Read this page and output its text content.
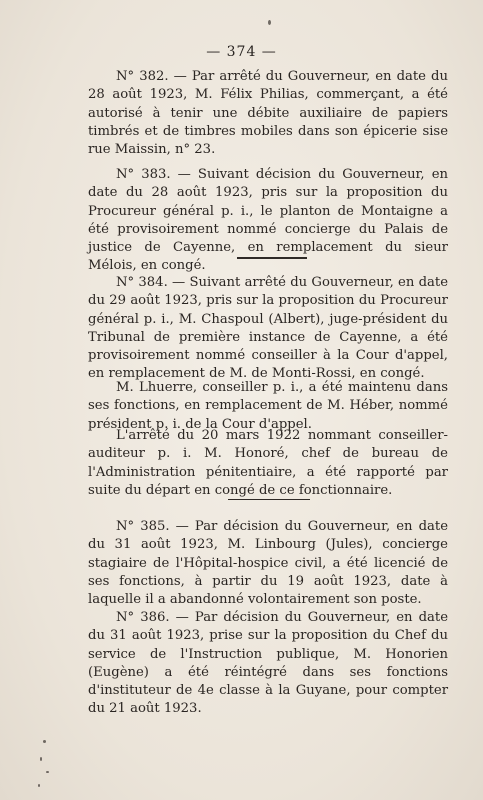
— 374 —

N° 382. — Par arrêté du Gouverneur, en date du 28 août 1923, M. Félix Philias, commerçant, a été autorisé à tenir une débite auxiliaire de papiers timbrés et de timbres mobiles dans son épicerie sise rue Maissin, n° 23.

N° 383. — Suivant décision du Gouverneur, en date du 28 août 1923, pris sur la proposition du Procureur général p. i., le planton de Montaigne a été provisoirement nommé concierge du Palais de justice de Cayenne, en remplacement du sieur Mélois, en congé.

N° 384. — Suivant arrêté du Gouverneur, en date du 29 août 1923, pris sur la proposition du Procureur général p. i., M. Chaspoul (Albert), juge-président du Tribunal de première instance de Cayenne, a été provisoirement nommé conseiller à la Cour d'appel, en remplacement de M. de Monti-Rossi, en congé.

M. Lhuerre, conseiller p. i., a été maintenu dans ses fonctions, en remplacement de M. Héber, nommé président p. i. de la Cour d'appel.

L'arrêté du 20 mars 1922 nommant conseiller-auditeur p. i. M. Honoré, chef de bureau de l'Administration pénitentiaire, a été rapporté par suite du départ en congé de ce fonctionnaire.

N° 385. — Par décision du Gouverneur, en date du 31 août 1923, M. Linbourg (Jules), concierge stagiaire de l'Hôpital-hospice civil, a été licencié de ses fonctions, à partir du 19 août 1923, date à laquelle il a abandonné volontairement son poste.

N° 386. — Par décision du Gouverneur, en date du 31 août 1923, prise sur la proposition du Chef du service de l'Instruction publique, M. Honorien (Eugène) a été réintégré dans ses fonctions d'instituteur de 4e classe à la Guyane, pour compter du 21 août 1923.
